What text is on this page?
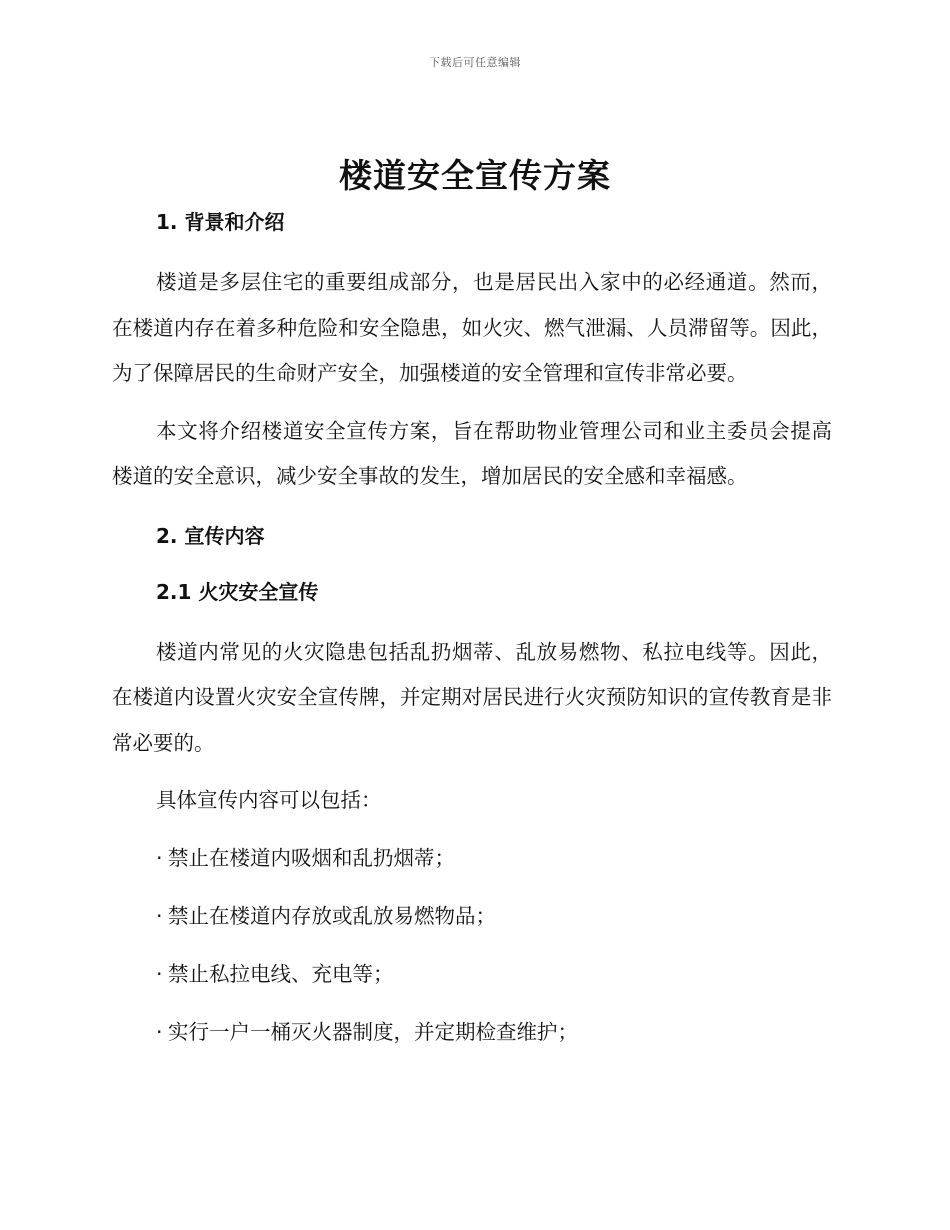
下载后可任意编辑
楼道安全宣传方案
1. 背景和介绍

楼道是多层住宅的重要组成部分，也是居民出入家中的必经通道。然而，在楼道内存在着多种危险和安全隐患，如火灾、燃气泄漏、人员滞留等。因此，为了保障居民的生命财产安全，加强楼道的安全管理和宣传非常必要。

本文将介绍楼道安全宣传方案，旨在帮助物业管理公司和业主委员会提高楼道的安全意识，减少安全事故的发生，增加居民的安全感和幸福感。

2. 宣传内容
2.1 火灾安全宣传

楼道内常见的火灾隐患包括乱扔烟蒂、乱放易燃物、私拉电线等。因此，在楼道内设置火灾安全宣传牌，并定期对居民进行火灾预防知识的宣传教育是非常必要的。

具体宣传内容可以包括：

· 禁止在楼道内吸烟和乱扔烟蒂；
· 禁止在楼道内存放或乱放易燃物品；
· 禁止私拉电线、充电等；
· 实行一户一桶灭火器制度，并定期检查维护；
